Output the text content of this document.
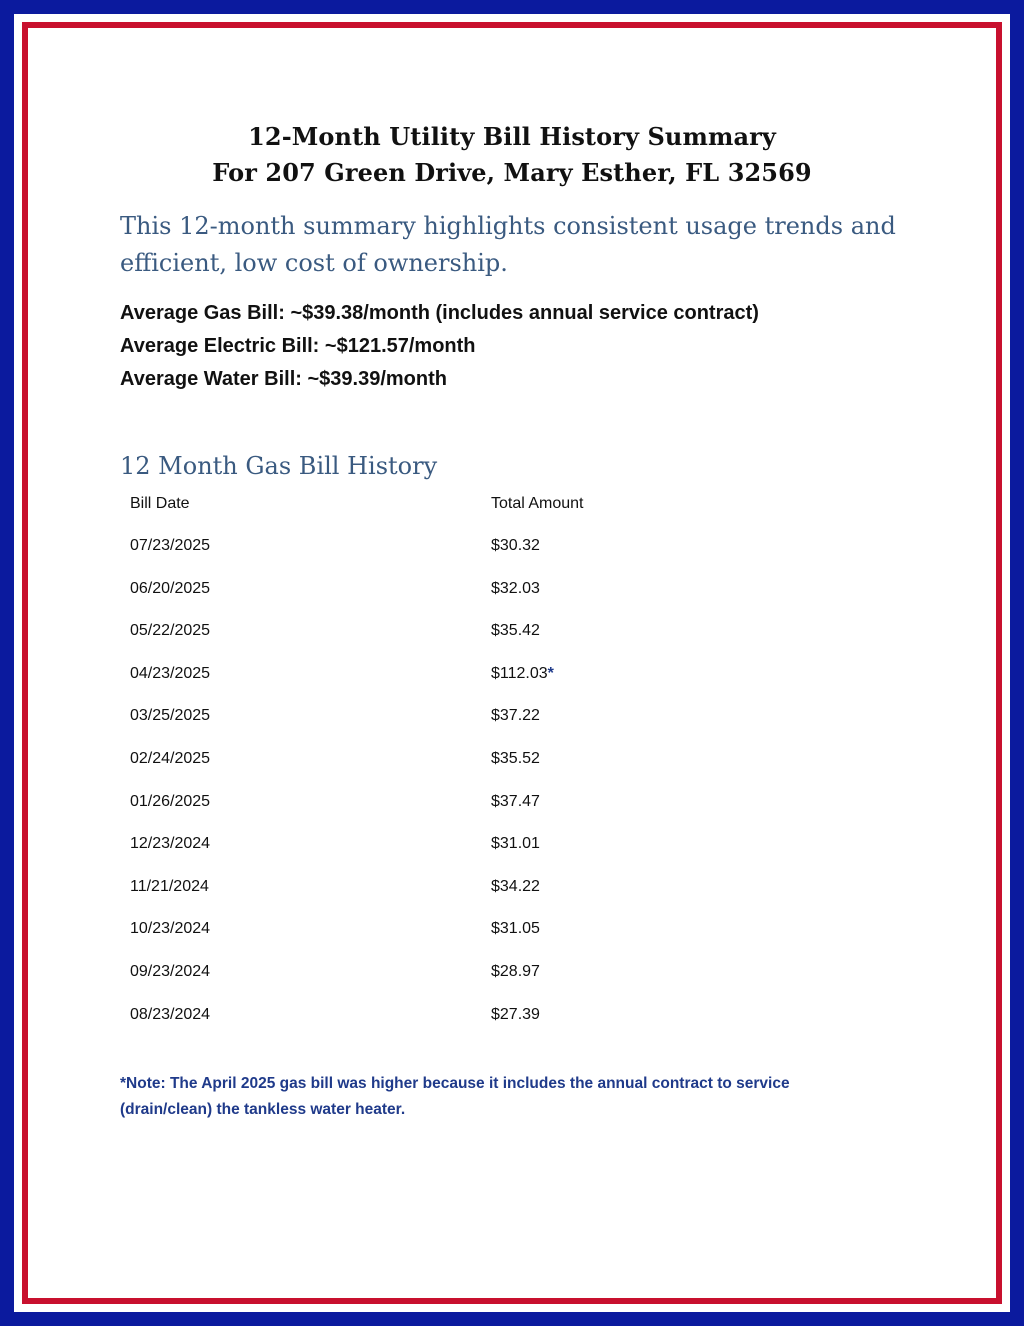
12-Month Utility Bill History Summary
For 207 Green Drive, Mary Esther, FL 32569
This 12-month summary highlights consistent usage trends and efficient, low cost of ownership.
Average Gas Bill: ~$39.38/month (includes annual service contract)
Average Electric Bill: ~$121.57/month
Average Water Bill: ~$39.39/month
12 Month Gas Bill History
Bill Date	Total Amount
07/23/2025	$30.32
06/20/2025	$32.03
05/22/2025	$35.42
04/23/2025	$112.03*
03/25/2025	$37.22
02/24/2025	$35.52
01/26/2025	$37.47
12/23/2024	$31.01
11/21/2024	$34.22
10/23/2024	$31.05
09/23/2024	$28.97
08/23/2024	$27.39
*Note: The April 2025 gas bill was higher because it includes the annual contract to service (drain/clean) the tankless water heater.
